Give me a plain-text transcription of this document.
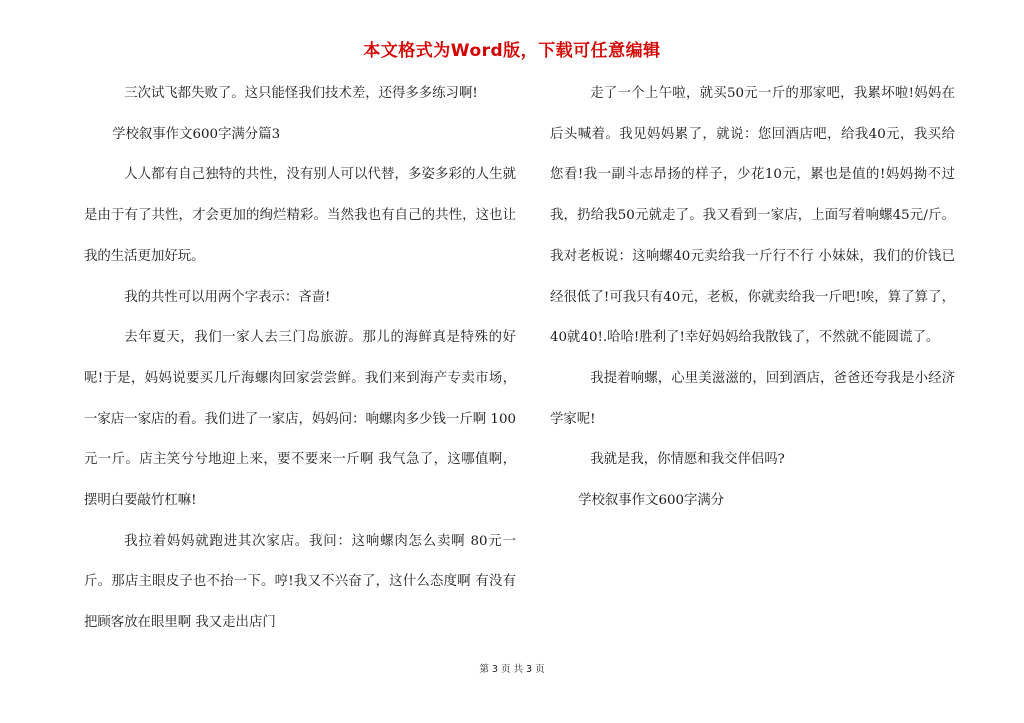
本文格式为Word版，下载可任意编辑

三次试飞都失败了。这只能怪我们技术差，还得多多练习啊!

学校叙事作文600字满分篇3

人人都有自己独特的共性，没有别人可以代替，多姿多彩的人生就是由于有了共性，才会更加的绚烂精彩。当然我也有自己的共性，这也让我的生活更加好玩。

我的共性可以用两个字表示：吝啬!

去年夏天，我们一家人去三门岛旅游。那儿的海鲜真是特殊的好呢!于是，妈妈说要买几斤海螺肉回家尝尝鲜。我们来到海产专卖市场，一家店一家店的看。我们进了一家店，妈妈问：响螺肉多少钱一斤啊 100元一斤。店主笑兮兮地迎上来，要不要来一斤啊 我气急了，这哪值啊，摆明白要敲竹杠嘛!

我拉着妈妈就跑进其次家店。我问：这响螺肉怎么卖啊 80元一斤。那店主眼皮子也不抬一下。哼!我又不兴奋了，这什么态度啊 有没有把顾客放在眼里啊 我又走出店门

走了一个上午啦，就买50元一斤的那家吧，我累坏啦!妈妈在后头喊着。我见妈妈累了，就说：您回酒店吧，给我40元，我买给您看!我一副斗志昂扬的样子，少花10元，累也是值的!妈妈拗不过我，扔给我50元就走了。我又看到一家店，上面写着响螺45元/斤。我对老板说：这响螺40元卖给我一斤行不行 小妹妹，我们的价钱已经很低了!可我只有40元，老板，你就卖给我一斤吧!唉，算了算了，40就40!.哈哈!胜利了!幸好妈妈给我散钱了，不然就不能圆谎了。

我提着响螺，心里美滋滋的，回到酒店，爸爸还夸我是小经济学家呢!

我就是我，你情愿和我交伴侣吗?

学校叙事作文600字满分

第 3 页 共 3 页
